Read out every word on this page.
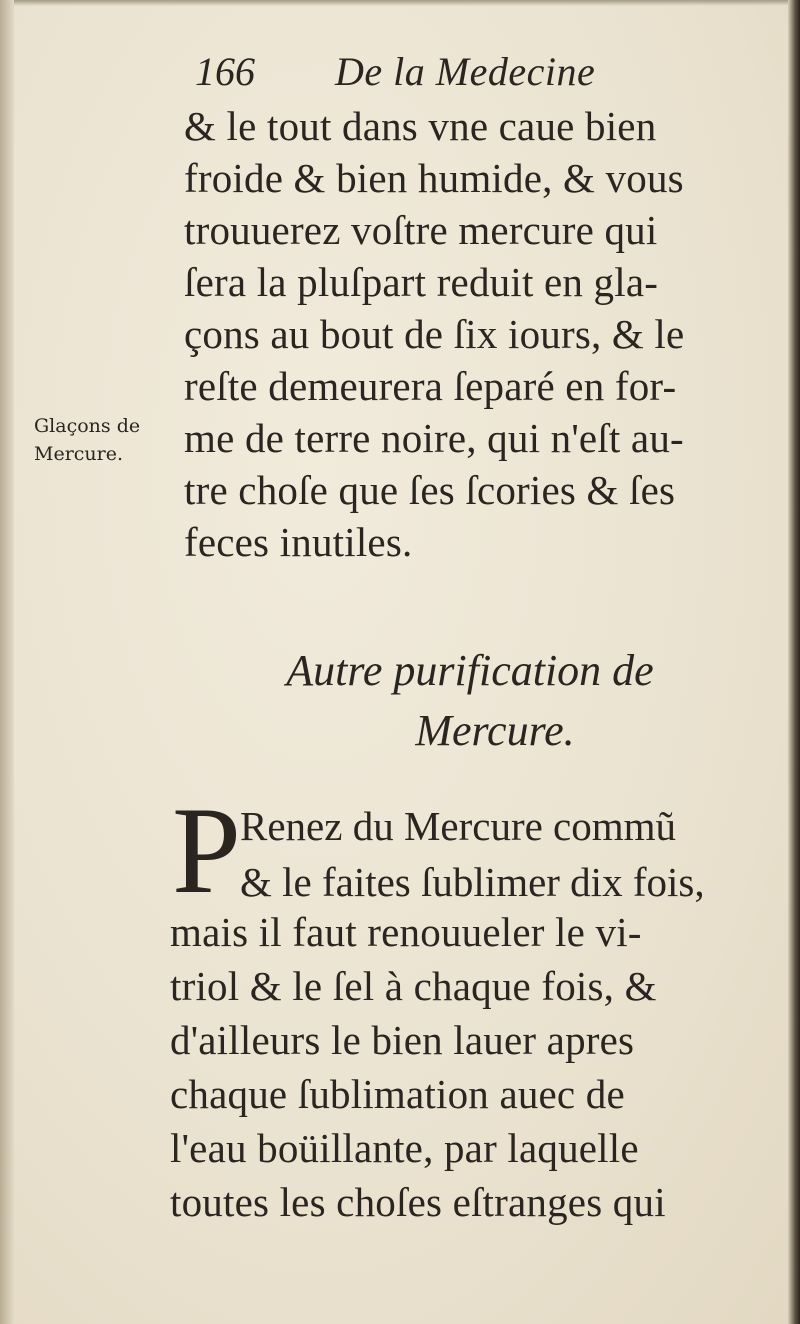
166 De la Medecine
& le tout dans vne caue bien
froide & bien humide, & vous
trouuerez voſtre mercure qui
ſera la pluſpart reduit en gla-
çons au bout de ſix iours, & le
reſte demeurera ſeparé en for-
me de terre noire, qui n'eſt au-
tre choſe que ſes ſcories & ſes
feces inutiles.
Glaçons de
Mercure.
Autre purification de
Mercure.
P Renez du Mercure commũ
& le faites ſublimer dix fois,
mais il faut renouueler le vi-
triol & le ſel à chaque fois, &
d'ailleurs le bien lauer apres
chaque ſublimation auec de
l'eau boüillante, par laquelle
toutes les choſes eſtranges qui
